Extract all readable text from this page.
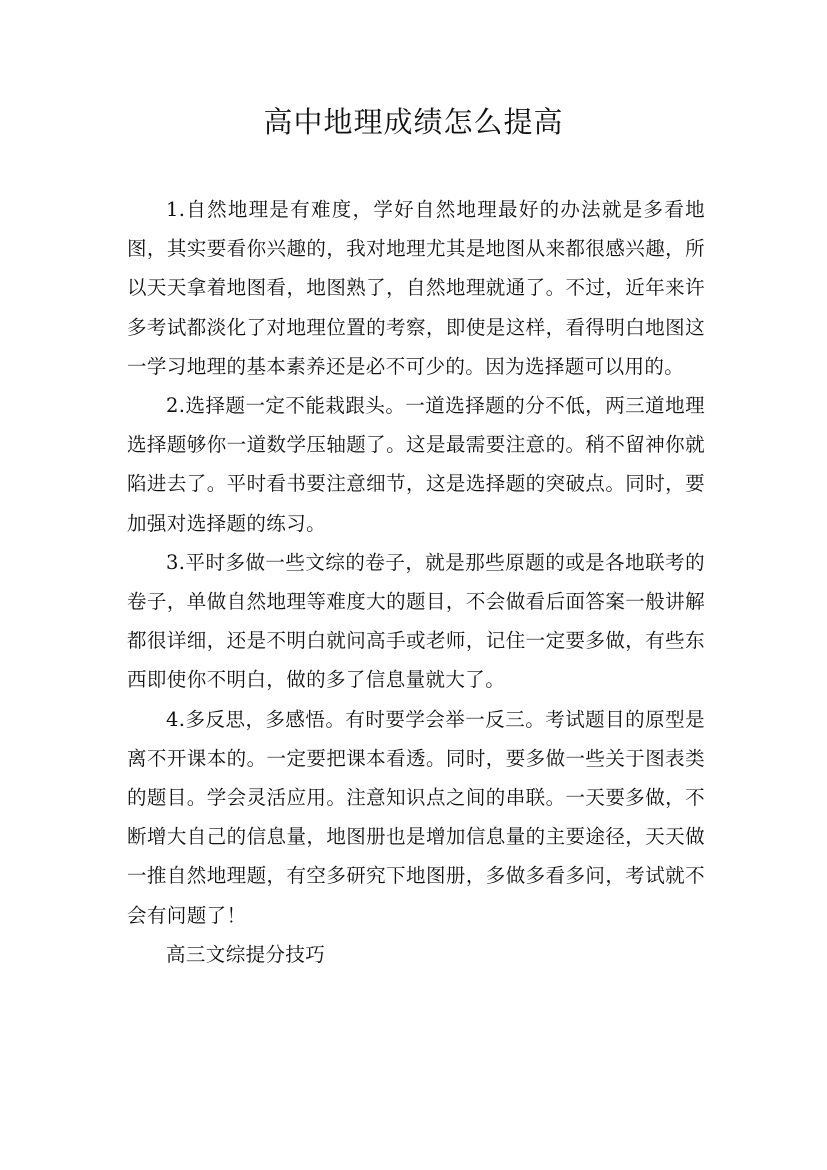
高中地理成绩怎么提高

1.自然地理是有难度，学好自然地理最好的办法就是多看地图，其实要看你兴趣的，我对地理尤其是地图从来都很感兴趣，所以天天拿着地图看，地图熟了，自然地理就通了。不过，近年来许多考试都淡化了对地理位置的考察，即使是这样，看得明白地图这一学习地理的基本素养还是必不可少的。因为选择题可以用的。

2.选择题一定不能栽跟头。一道选择题的分不低，两三道地理选择题够你一道数学压轴题了。这是最需要注意的。稍不留神你就陷进去了。平时看书要注意细节，这是选择题的突破点。同时，要加强对选择题的练习。

3.平时多做一些文综的卷子，就是那些原题的或是各地联考的卷子，单做自然地理等难度大的题目，不会做看后面答案一般讲解都很详细，还是不明白就问高手或老师，记住一定要多做，有些东西即使你不明白，做的多了信息量就大了。

4.多反思，多感悟。有时要学会举一反三。考试题目的原型是离不开课本的。一定要把课本看透。同时，要多做一些关于图表类的题目。学会灵活应用。注意知识点之间的串联。一天要多做，不断增大自己的信息量，地图册也是增加信息量的主要途径，天天做一推自然地理题，有空多研究下地图册，多做多看多问，考试就不会有问题了！

高三文综提分技巧
